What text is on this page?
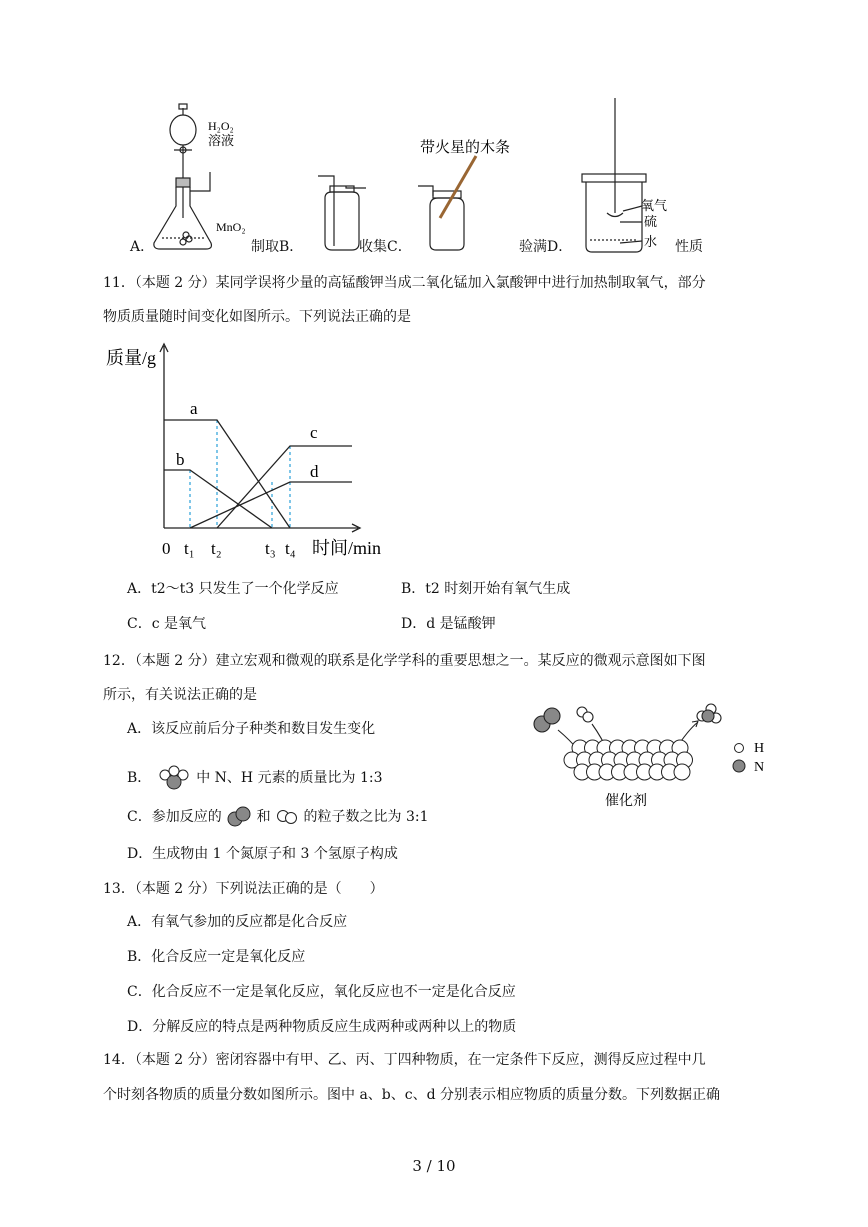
H₂O₂
溶液
MnO₂
带火星的木条
氧气
硫
水
A．	制取B．	收集C．	验满D．	性质
11．（本题 2 分）某同学误将少量的高锰酸钾当成二氧化锰加入氯酸钾中进行加热制取氧气，部分
物质质量随时间变化如图所示。下列说法正确的是
a
b
c
d
t₁ t₂	t₃ t₄
质量/g
0	时间/min
A．t2～t3 只发生了一个化学反应	B．t2 时刻开始有氧气生成
C．c 是氧气	D．d 是锰酸钾
12．（本题 2 分）建立宏观和微观的联系是化学学科的重要思想之一。某反应的微观示意图如下图
所示，有关说法正确的是
A．该反应前后分子种类和数目发生变化
B．	中 N、H 元素的质量比为 1:3
C．参加反应的 和 的粒子数之比为 3:1
D．生成物由 1 个氮原子和 3 个氢原子构成
H
N
催化剂
13．（本题 2 分）下列说法正确的是（　　）
A．有氧气参加的反应都是化合反应
B．化合反应一定是氧化反应
C．化合反应不一定是氧化反应，氧化反应也不一定是化合反应
D．分解反应的特点是两种物质反应生成两种或两种以上的物质
14．（本题 2 分）密闭容器中有甲、乙、丙、丁四种物质，在一定条件下反应，测得反应过程中几
个时刻各物质的质量分数如图所示。图中 a、b、c、d 分别表示相应物质的质量分数。下列数据正确
3 / 10
